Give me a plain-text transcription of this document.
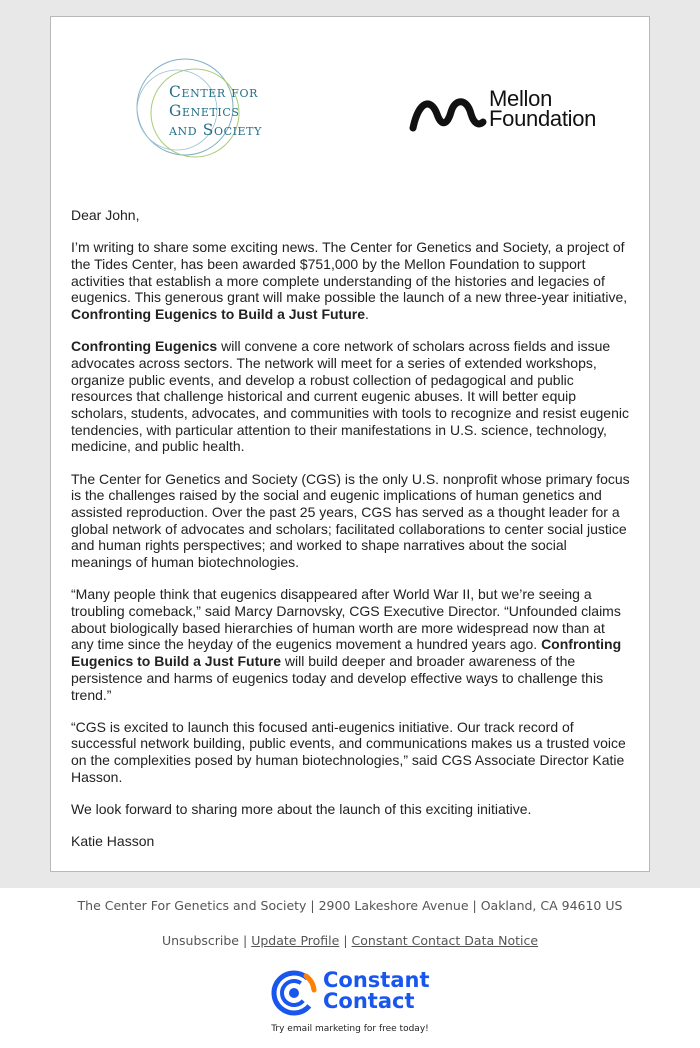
Center for
Genetics
and Society
Mellon
Foundation

Dear John,

I’m writing to share some exciting news. The Center for Genetics and Society, a project of the Tides Center, has been awarded $751,000 by the Mellon Foundation to support activities that establish a more complete understanding of the histories and legacies of eugenics. This generous grant will make possible the launch of a new three-year initiative, Confronting Eugenics to Build a Just Future.

Confronting Eugenics will convene a core network of scholars across fields and issue advocates across sectors. The network will meet for a series of extended workshops, organize public events, and develop a robust collection of pedagogical and public resources that challenge historical and current eugenic abuses. It will better equip scholars, students, advocates, and communities with tools to recognize and resist eugenic tendencies, with particular attention to their manifestations in U.S. science, technology, medicine, and public health.

The Center for Genetics and Society (CGS) is the only U.S. nonprofit whose primary focus is the challenges raised by the social and eugenic implications of human genetics and assisted reproduction. Over the past 25 years, CGS has served as a thought leader for a global network of advocates and scholars; facilitated collaborations to center social justice and human rights perspectives; and worked to shape narratives about the social meanings of human biotechnologies.

“Many people think that eugenics disappeared after World War II, but we’re seeing a troubling comeback,” said Marcy Darnovsky, CGS Executive Director. “Unfounded claims about biologically based hierarchies of human worth are more widespread now than at any time since the heyday of the eugenics movement a hundred years ago. Confronting Eugenics to Build a Just Future will build deeper and broader awareness of the persistence and harms of eugenics today and develop effective ways to challenge this trend.”

“CGS is excited to launch this focused anti-eugenics initiative. Our track record of successful network building, public events, and communications makes us a trusted voice on the complexities posed by human biotechnologies,” said CGS Associate Director Katie Hasson.

We look forward to sharing more about the launch of this exciting initiative.

Katie Hasson

The Center For Genetics and Society | 2900 Lakeshore Avenue | Oakland, CA 94610 US
Unsubscribe | Update Profile | Constant Contact Data Notice
Constant
Contact
Try email marketing for free today!
